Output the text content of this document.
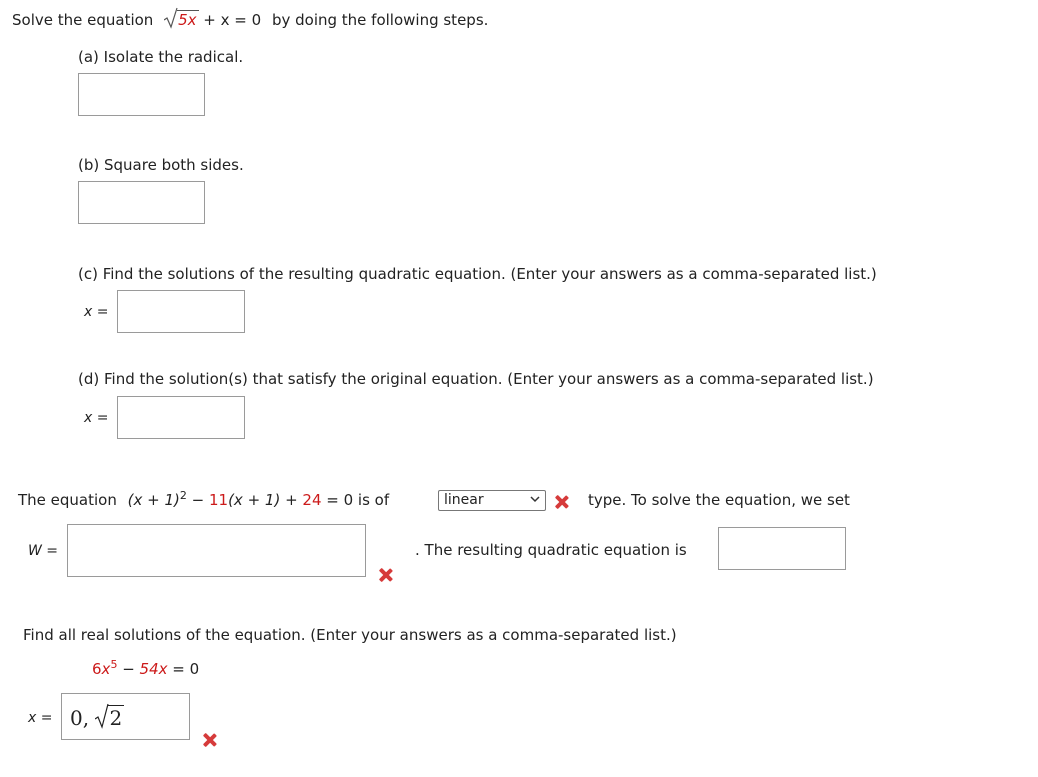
Solve the equation 5x + x = 0 by doing the following steps.
(a) Isolate the radical.
(b) Square both sides.
(c) Find the solutions of the resulting quadratic equation. (Enter your answers as a comma-separated list.)
x =
(d) Find the solution(s) that satisfy the original equation. (Enter your answers as a comma-separated list.)
x =
The equation $(x + 1)^2 - 11(x + 1) + 24 = 0$ is of	linear	type. To solve the equation, we set
W =	. The resulting quadratic equation is
Find all real solutions of the equation. (Enter your answers as a comma-separated list.)
$6x^5 - 54x = 0$
x = 0, 2
